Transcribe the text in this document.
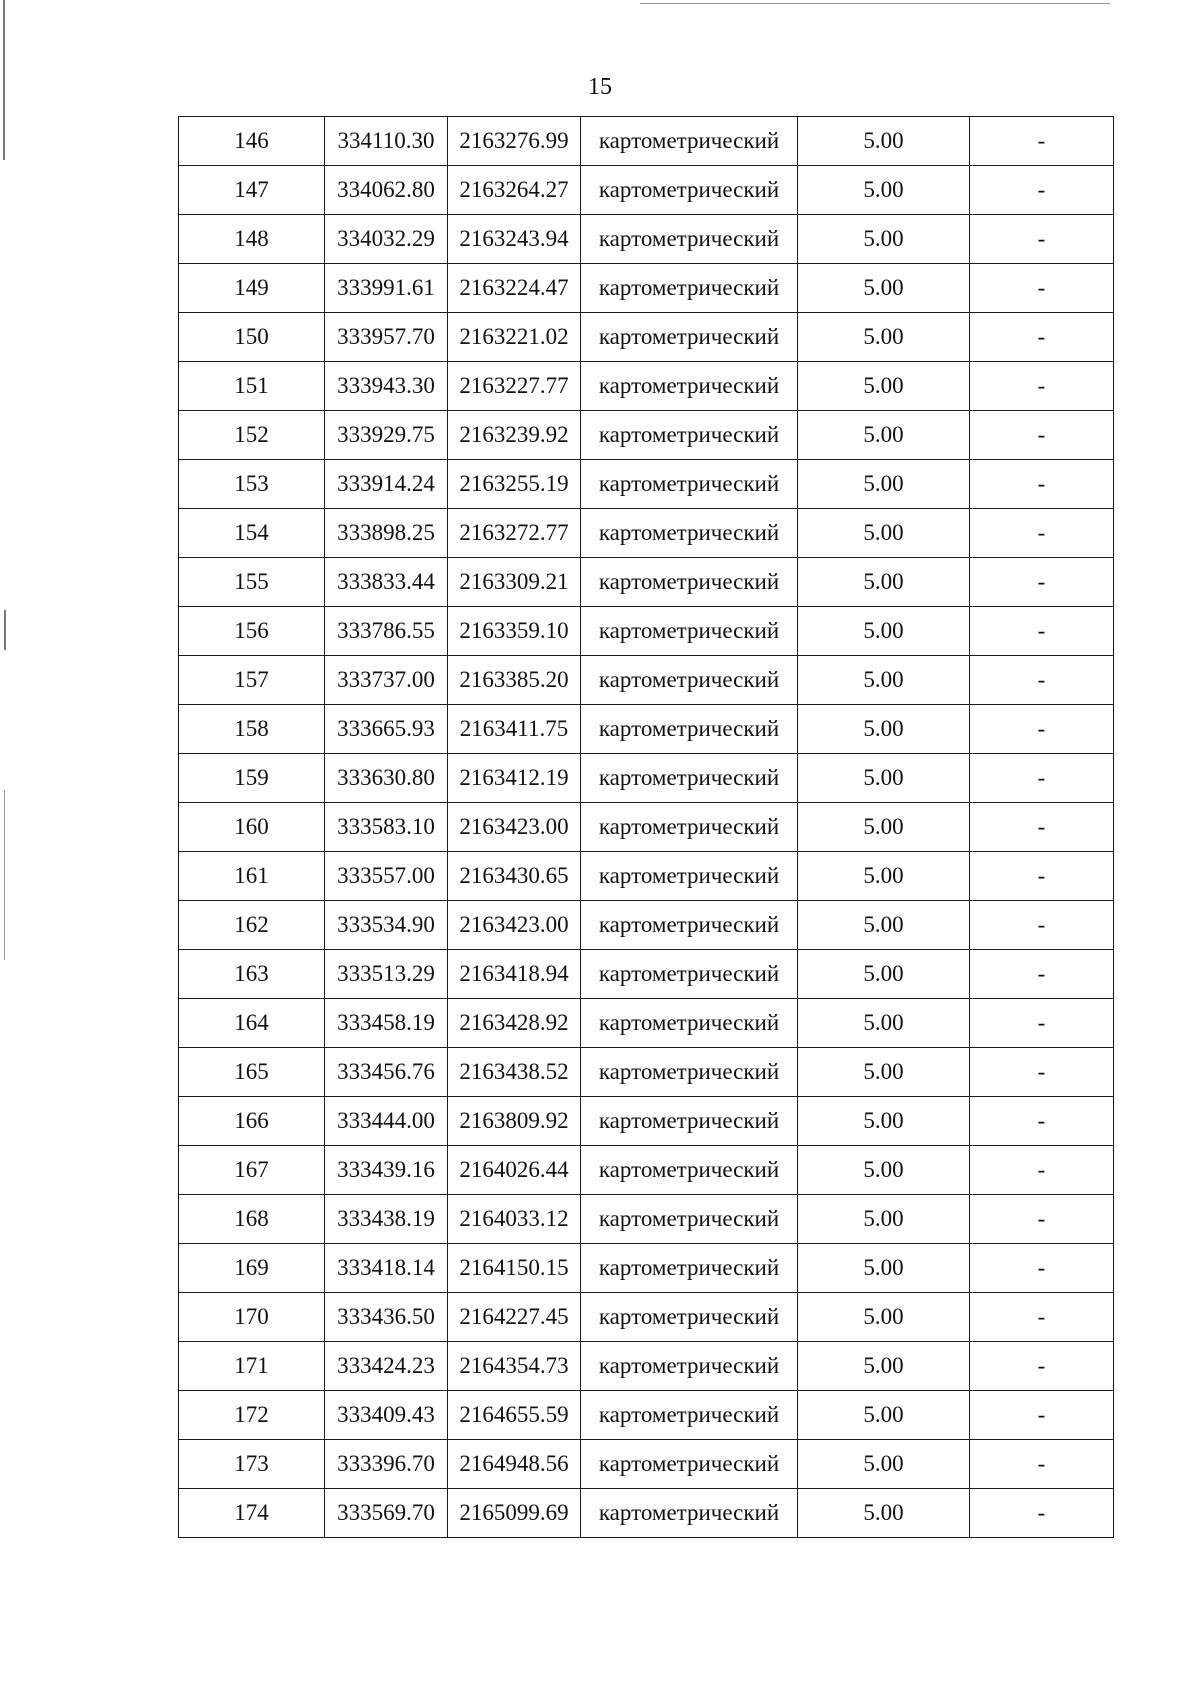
15
146	334110.30	2163276.99	картометрический	5.00	-
147	334062.80	2163264.27	картометрический	5.00	-
148	334032.29	2163243.94	картометрический	5.00	-
149	333991.61	2163224.47	картометрический	5.00	-
150	333957.70	2163221.02	картометрический	5.00	-
151	333943.30	2163227.77	картометрический	5.00	-
152	333929.75	2163239.92	картометрический	5.00	-
153	333914.24	2163255.19	картометрический	5.00	-
154	333898.25	2163272.77	картометрический	5.00	-
155	333833.44	2163309.21	картометрический	5.00	-
156	333786.55	2163359.10	картометрический	5.00	-
157	333737.00	2163385.20	картометрический	5.00	-
158	333665.93	2163411.75	картометрический	5.00	-
159	333630.80	2163412.19	картометрический	5.00	-
160	333583.10	2163423.00	картометрический	5.00	-
161	333557.00	2163430.65	картометрический	5.00	-
162	333534.90	2163423.00	картометрический	5.00	-
163	333513.29	2163418.94	картометрический	5.00	-
164	333458.19	2163428.92	картометрический	5.00	-
165	333456.76	2163438.52	картометрический	5.00	-
166	333444.00	2163809.92	картометрический	5.00	-
167	333439.16	2164026.44	картометрический	5.00	-
168	333438.19	2164033.12	картометрический	5.00	-
169	333418.14	2164150.15	картометрический	5.00	-
170	333436.50	2164227.45	картометрический	5.00	-
171	333424.23	2164354.73	картометрический	5.00	-
172	333409.43	2164655.59	картометрический	5.00	-
173	333396.70	2164948.56	картометрический	5.00	-
174	333569.70	2165099.69	картометрический	5.00	-
